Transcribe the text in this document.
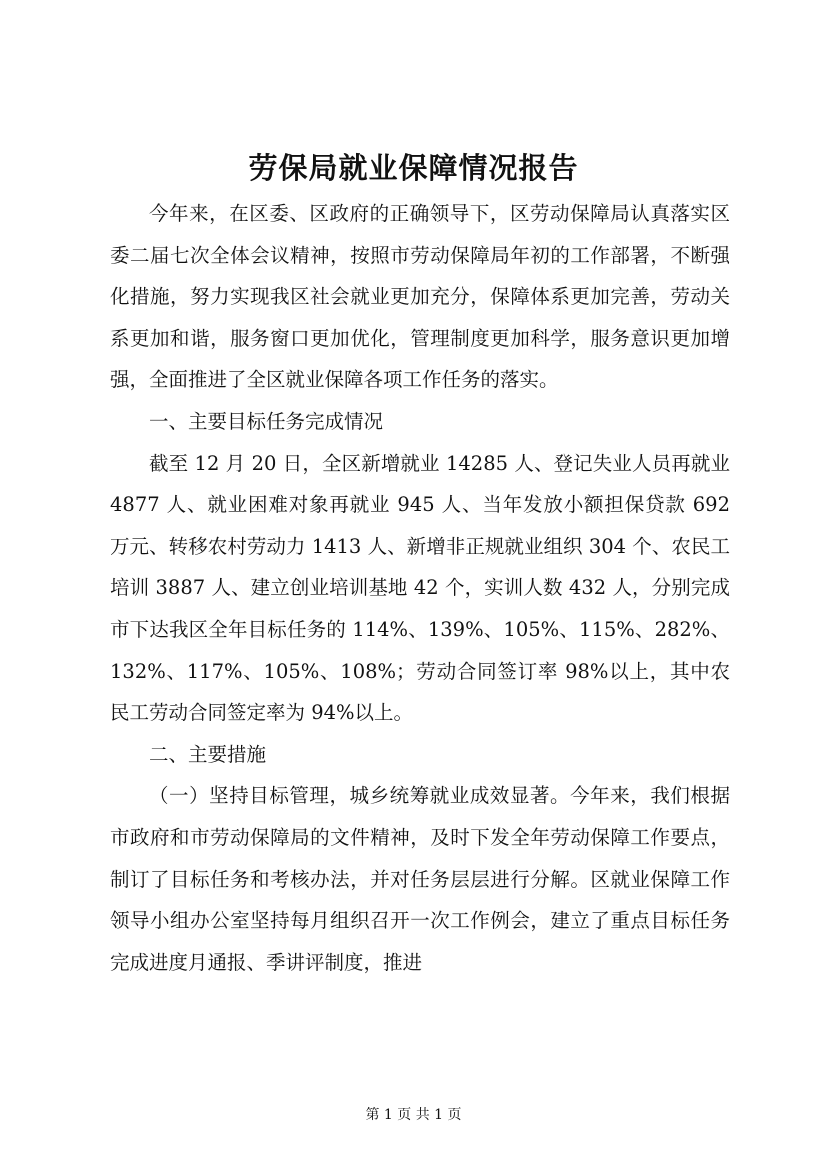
劳保局就业保障情况报告

今年来，在区委、区政府的正确领导下，区劳动保障局认真落实区委二届七次全体会议精神，按照市劳动保障局年初的工作部署，不断强化措施，努力实现我区社会就业更加充分，保障体系更加完善，劳动关系更加和谐，服务窗口更加优化，管理制度更加科学，服务意识更加增强，全面推进了全区就业保障各项工作任务的落实。

一、主要目标任务完成情况

截至 12 月 20 日，全区新增就业 14285 人、登记失业人员再就业 4877 人、就业困难对象再就业 945 人、当年发放小额担保贷款 692 万元、转移农村劳动力 1413 人、新增非正规就业组织 304 个、农民工培训 3887 人、建立创业培训基地 42 个，实训人数 432 人，分别完成市下达我区全年目标任务的 114%、139%、105%、115%、282%、132%、117%、105%、108%；劳动合同签订率 98%以上，其中农民工劳动合同签定率为 94%以上。

二、主要措施

（一）坚持目标管理，城乡统筹就业成效显著。今年来，我们根据市政府和市劳动保障局的文件精神，及时下发全年劳动保障工作要点，制订了目标任务和考核办法，并对任务层层进行分解。区就业保障工作领导小组办公室坚持每月组织召开一次工作例会，建立了重点目标任务完成进度月通报、季讲评制度，推进

第 1 页 共 1 页
